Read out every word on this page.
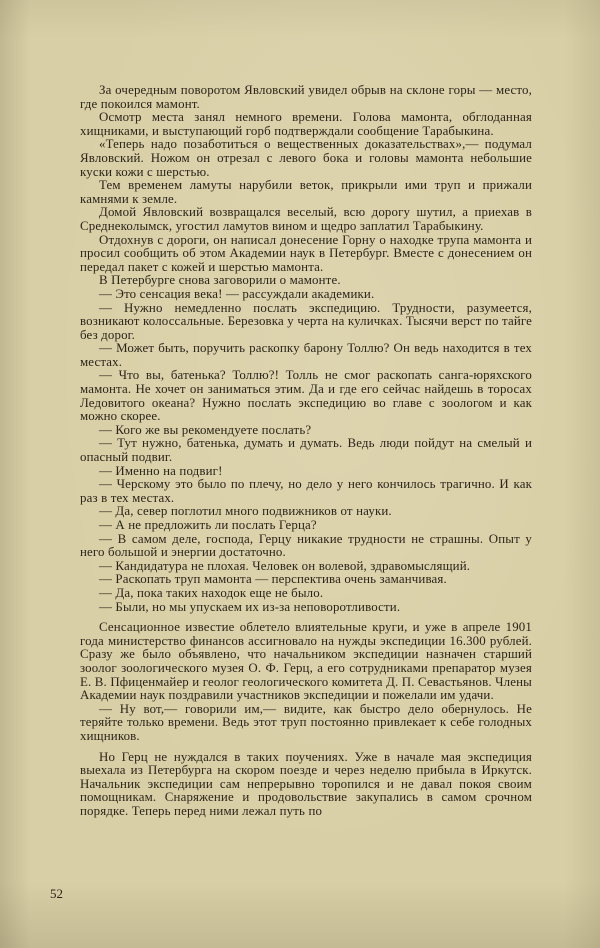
За очередным поворотом Явловский увидел обрыв на склоне горы — место, где покоился мамонт.

Осмотр места занял немного времени. Голова мамонта, обглоданная хищниками, и выступающий горб подтверждали сообщение Тарабыкина.

«Теперь надо позаботиться о вещественных доказательствах»,— подумал Явловский. Ножом он отрезал с левого бока и головы мамонта небольшие куски кожи с шерстью.

Тем временем ламуты нарубили веток, прикрыли ими труп и прижали камнями к земле.

Домой Явловский возвращался веселый, всю дорогу шутил, а приехав в Среднеколымск, угостил ламутов вином и щедро заплатил Тарабыкину.

Отдохнув с дороги, он написал донесение Горну о находке трупа мамонта и просил сообщить об этом Академии наук в Петербург. Вместе с донесением он передал пакет с кожей и шерстью мамонта.

В Петербурге снова заговорили о мамонте.

— Это сенсация века! — рассуждали академики.

— Нужно немедленно послать экспедицию. Трудности, разумеется, возникают колоссальные. Березовка у черта на куличках. Тысячи верст по тайге без дорог.

— Может быть, поручить раскопку барону Толлю? Он ведь находится в тех местах.

— Что вы, батенька? Толлю?! Толль не смог раскопать санга-юряхского мамонта. Не хочет он заниматься этим. Да и где его сейчас найдешь в торосах Ледовитого океана? Нужно послать экспедицию во главе с зоологом и как можно скорее.

— Кого же вы рекомендуете послать?

— Тут нужно, батенька, думать и думать. Ведь люди пойдут на смелый и опасный подвиг.

— Именно на подвиг!

— Черскому это было по плечу, но дело у него кончилось трагично. И как раз в тех местах.

— Да, север поглотил много подвижников от науки.

— А не предложить ли послать Герца?

— В самом деле, господа, Герцу никакие трудности не страшны. Опыт у него большой и энергии достаточно.

— Кандидатура не плохая. Человек он волевой, здравомыслящий.

— Раскопать труп мамонта — перспектива очень заманчивая.

— Да, пока таких находок еще не было.

— Были, но мы упускаем их из-за неповоротливости.

Сенсационное известие облетело влиятельные круги, и уже в апреле 1901 года министерство финансов ассигновало на нужды экспедиции 16.300 рублей. Сразу же было объявлено, что начальником экспедиции назначен старший зоолог зоологического музея О. Ф. Герц, а его сотрудниками препаратор музея Е. В. Пфиценмайер и геолог геологического комитета Д. П. Севастьянов. Члены Академии наук поздравили участников экспедиции и пожелали им удачи.

— Ну вот,— говорили им,— видите, как быстро дело обернулось. Не теряйте только времени. Ведь этот труп постоянно привлекает к себе голодных хищников.

Но Герц не нуждался в таких поучениях. Уже в начале мая экспедиция выехала из Петербурга на скором поезде и через неделю прибыла в Иркутск. Начальник экспедиции сам непрерывно торопился и не давал покоя своим помощникам. Снаряжение и продовольствие закупались в самом срочном порядке. Теперь перед ними лежал путь по

52
